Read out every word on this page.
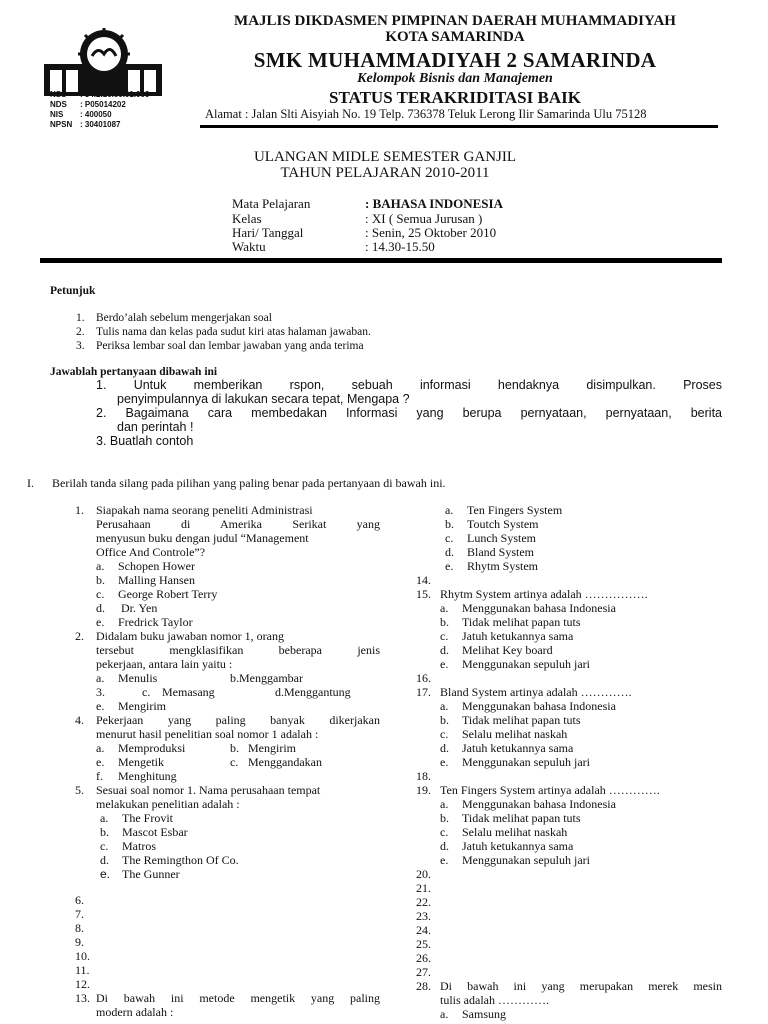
MAJLIS DIKDASMEN PIMPINAN DAERAH MUHAMMADIYAH
KOTA SAMARINDA
SMK MUHAMMADIYAH 2 SAMARINDA
Kelompok Bisnis dan Manajemen
STATUS TERAKRIDITASI BAIK
Alamat : Jalan Slti Aisyiah No. 19 Telp. 736378 Teluk Lerong Ilir Samarinda Ulu 75128
NSS : 34.2.16.60.01.009
NDS : P05014202
NIS : 400050
NPSN : 30401087
ULANGAN MIDLE SEMESTER GANJIL
TAHUN PELAJARAN 2010-2011
Mata Pelajaran	: BAHASA INDONESIA
Kelas	: XI ( Semua Jurusan )
Hari/ Tanggal	: Senin, 25 Oktober 2010
Waktu	: 14.30-15.50
Petunjuk
1. Berdo’alah sebelum mengerjakan soal
2. Tulis nama dan kelas pada sudut kiri atas halaman jawaban.
3. Periksa lembar soal dan lembar jawaban yang anda terima
Jawablah pertanyaan dibawah ini
1. Untuk memberikan rspon, sebuah informasi hendaknya disimpulkan. Proses
penyimpulannya di lakukan secara tepat, Mengapa ?
2. Bagaimana cara membedakan Informasi yang berupa pernyataan, pernyataan, berita
dan perintah !
3. Buatlah contoh
I. Berilah tanda silang pada pilihan yang paling benar pada pertanyaan di bawah ini.
1. Siapakah nama seorang peneliti Administrasi
Perusahaan di Amerika Serikat yang
menyusun buku dengan judul “Management
Office And Controle”?
a. Schopen Hower
b. Malling Hansen
c. George Robert Terry
d. Dr. Yen
e. Fredrick Taylor
2. Didalam buku jawaban nomor 1, orang
tersebut mengklasifikan beberapa jenis
pekerjaan, antara lain yaitu :
a. Menulis	b.Menggambar
3.	c. Memasang	d.Menggantung
e. Mengirim
4. Pekerjaan yang paling banyak dikerjakan
menurut hasil penelitian soal nomor 1 adalah :
a. Memproduksi	b. Mengirim
e. Mengetik	c. Menggandakan
f. Menghitung
5. Sesuai soal nomor 1. Nama perusahaan tempat
melakukan penelitian adalah :
a. The Frovit
b. Mascot Esbar
c. Matros
d. The Remingthon Of Co.
e. The Gunner
6.
7.
8.
9.
10.
11.
12.
13. Di bawah ini metode mengetik yang paling
modern adalah :
a. Ten Fingers System
b. Toutch System
c. Lunch System
d. Bland System
e. Rhytm System
14.
15. Rhytm System artinya adalah …………….
a. Menggunakan bahasa Indonesia
b. Tidak melihat papan tuts
c. Jatuh ketukannya sama
d. Melihat Key board
e. Menggunakan sepuluh jari
16.
17. Bland System artinya adalah ………….
a. Menggunakan bahasa Indonesia
b. Tidak melihat papan tuts
c. Selalu melihat naskah
d. Jatuh ketukannya sama
e. Menggunakan sepuluh jari
18.
19. Ten Fingers System artinya adalah ………….
a. Menggunakan bahasa Indonesia
b. Tidak melihat papan tuts
c. Selalu melihat naskah
d. Jatuh ketukannya sama
e. Menggunakan sepuluh jari
20.
21.
22.
23.
24.
25.
26.
27.
28. Di bawah ini yang merupakan merek mesin
tulis adalah ………….
a. Samsung
